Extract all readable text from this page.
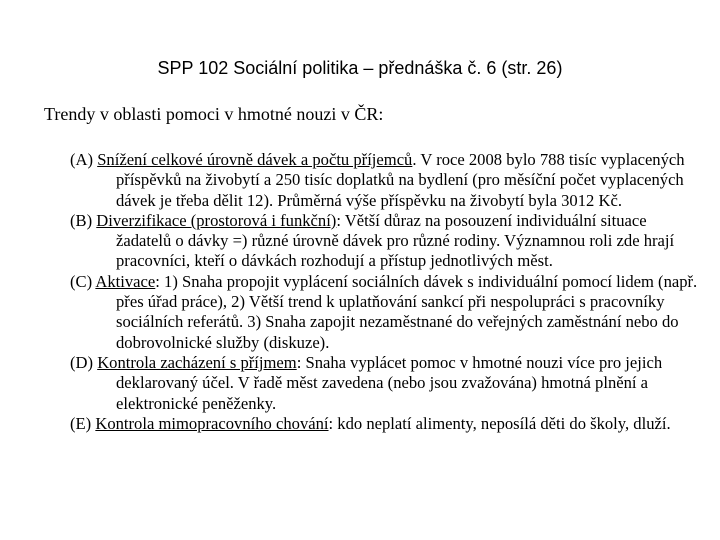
SPP 102 Sociální politika – přednáška č. 6 (str. 26)
Trendy v oblasti pomoci v hmotné nouzi v ČR:
(A) Snížení celkové úrovně dávek a počtu příjemců. V roce 2008 bylo 788 tisíc vyplacených příspěvků na živobytí a 250 tisíc doplatků na bydlení (pro měsíční počet vyplacených dávek je třeba dělit 12). Průměrná výše příspěvku na živobytí byla 3012 Kč.
(B) Diverzifikace (prostorová i funkční): Větší důraz na posouzení individuální situace žadatelů o dávky =) různé úrovně dávek pro různé rodiny. Významnou roli zde hrají pracovníci, kteří o dávkách rozhodují a přístup jednotlivých měst.
(C) Aktivace: 1) Snaha propojit vyplácení sociálních dávek s individuální pomocí lidem (např. přes úřad práce), 2) Větší trend k uplatňování sankcí při nespolupráci s pracovníky sociálních referátů. 3) Snaha zapojit nezaměstnané do veřejných zaměstnání nebo do dobrovolnické služby (diskuze).
(D) Kontrola zacházení s příjmem: Snaha vyplácet pomoc v hmotné nouzi více pro jejich deklarovaný účel. V řadě měst zavedena (nebo jsou zvažována) hmotná plnění a elektronické peněženky.
(E) Kontrola mimopracovního chování: kdo neplatí alimenty, neposílá děti do školy, dluží.
